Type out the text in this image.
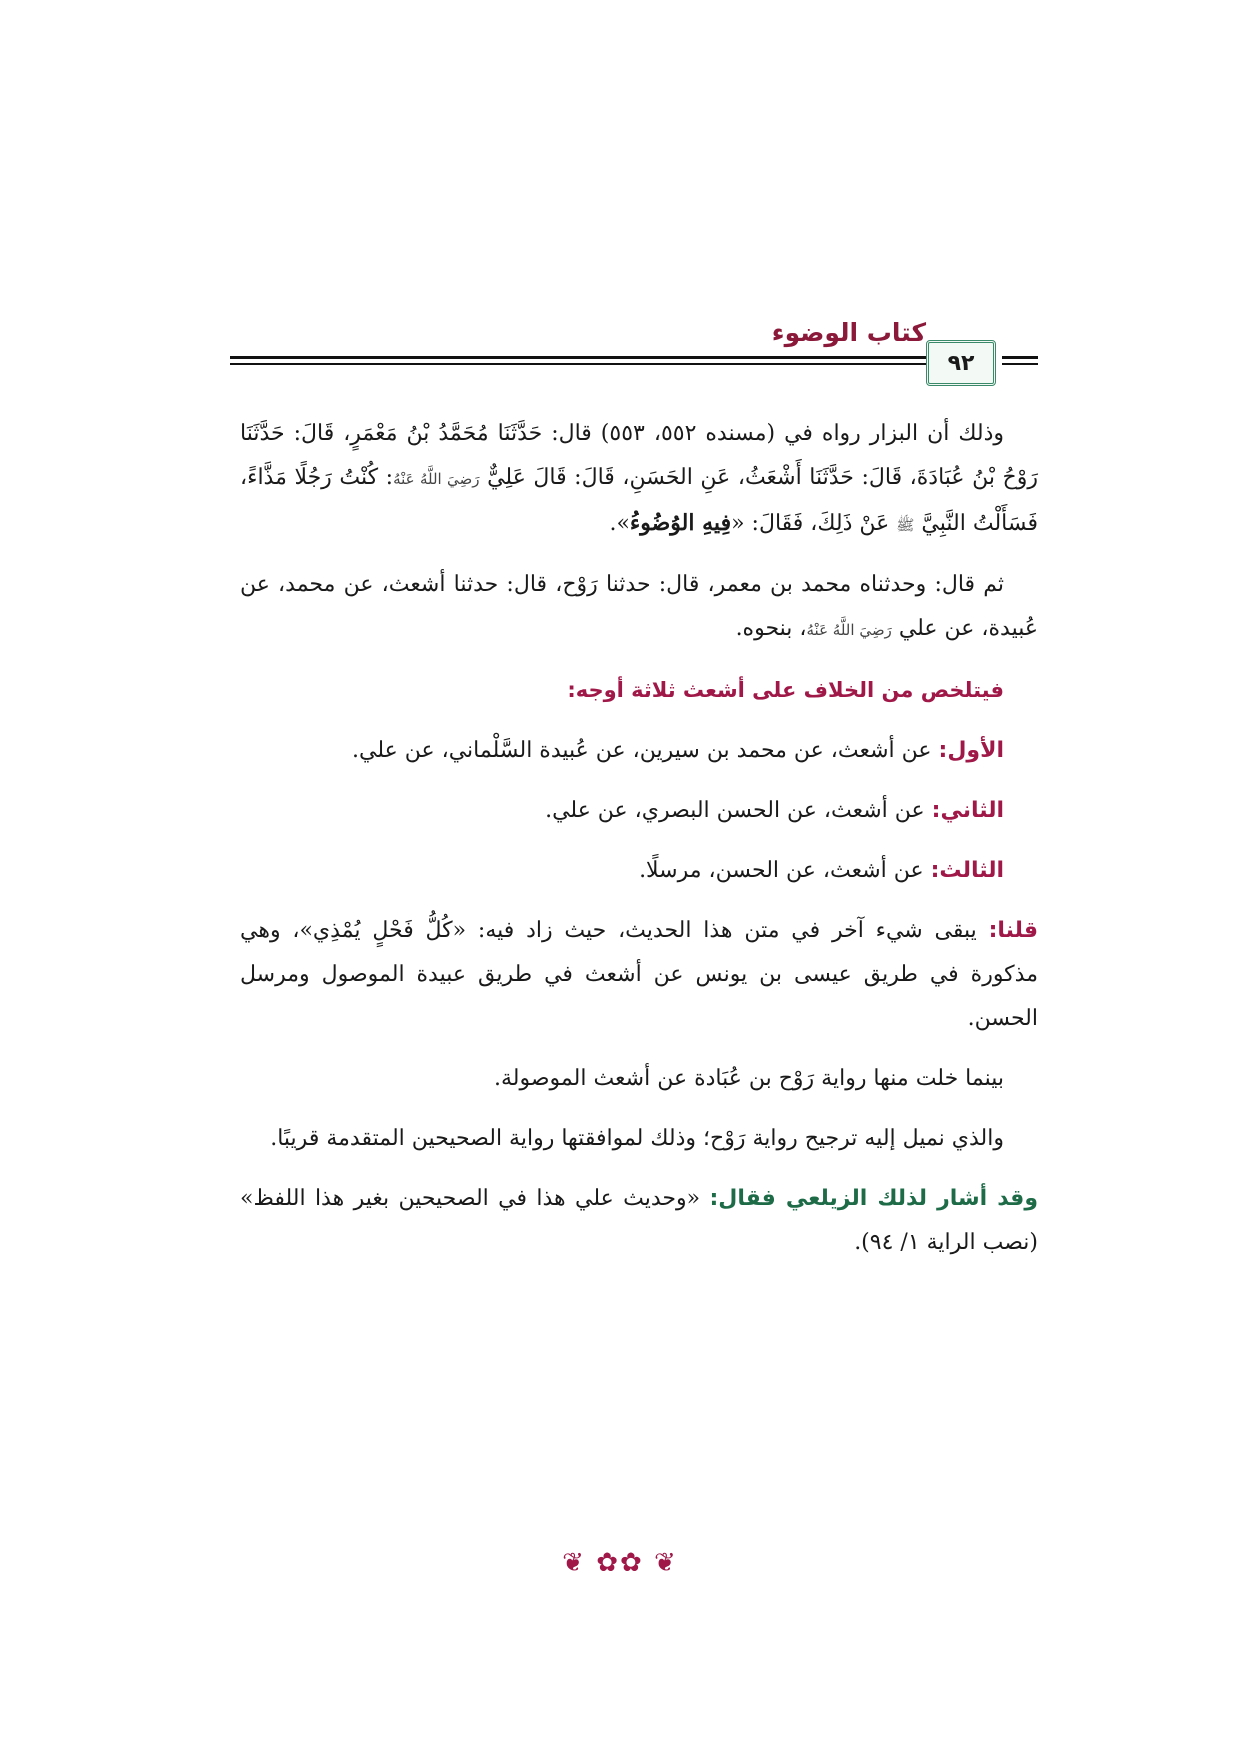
كتاب الوضوء
٩٢

وذلك أن البزار رواه في (مسنده ٥٥٢، ٥٥٣) قال: حَدَّثَنَا مُحَمَّدُ بْنُ مَعْمَرٍ، قَالَ: حَدَّثَنَا رَوْحُ بْنُ عُبَادَةَ، قَالَ: حَدَّثَنَا أَشْعَثُ، عَنِ الحَسَنِ، قَالَ: قَالَ عَلِيٌّ رَضِيَ اللَّهُ عَنْهُ: كُنْتُ رَجُلًا مَذَّاءً، فَسَأَلْتُ النَّبِيَّ ﷺ عَنْ ذَلِكَ، فَقَالَ: «فِيهِ الوُضُوءُ».

ثم قال: وحدثناه محمد بن معمر، قال: حدثنا رَوْح، قال: حدثنا أشعث، عن محمد، عن عُبيدة، عن علي رَضِيَ اللَّهُ عَنْهُ، بنحوه.

فيتلخص من الخلاف على أشعث ثلاثة أوجه:

الأول: عن أشعث، عن محمد بن سيرين، عن عُبيدة السَّلْماني، عن علي.

الثاني: عن أشعث، عن الحسن البصري، عن علي.

الثالث: عن أشعث، عن الحسن، مرسلًا.

قلنا: يبقى شيء آخر في متن هذا الحديث، حيث زاد فيه: «كُلُّ فَحْلٍ يُمْذِي»، وهي مذكورة في طريق عيسى بن يونس عن أشعث في طريق عبيدة الموصول ومرسل الحسن.

بينما خلت منها رواية رَوْح بن عُبَادة عن أشعث الموصولة.

والذي نميل إليه ترجيح رواية رَوْح؛ وذلك لموافقتها رواية الصحيحين المتقدمة قريبًا.

وقد أشار لذلك الزيلعي فقال: «وحديث علي هذا في الصحيحين بغير هذا اللفظ» (نصب الراية ١/ ٩٤).

❦ ✿✿ ❦
